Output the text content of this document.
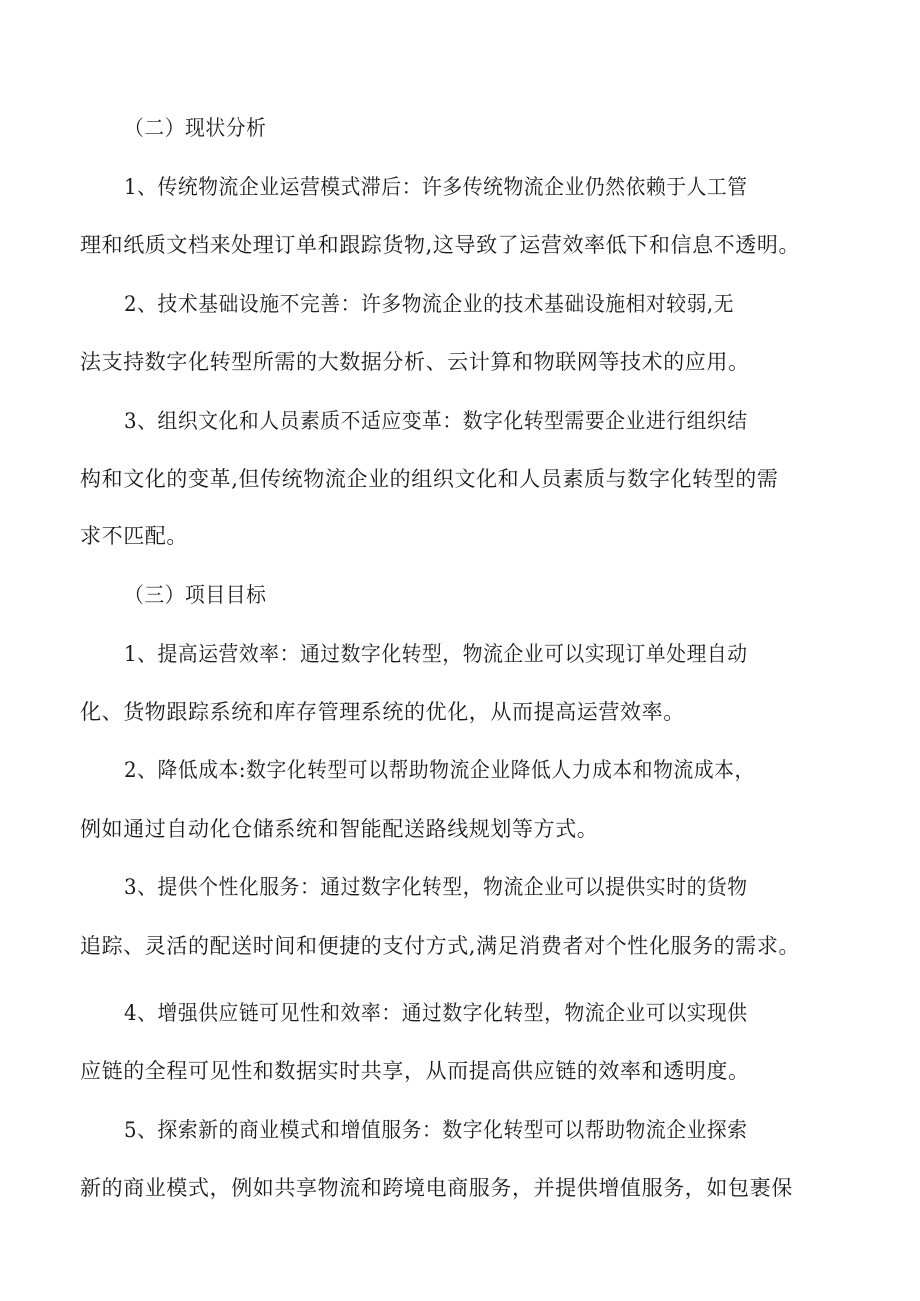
（二）现状分析
1、传统物流企业运营模式滞后：许多传统物流企业仍然依赖于人工管
理和纸质文档来处理订单和跟踪货物,这导致了运营效率低下和信息不透明。
2、技术基础设施不完善：许多物流企业的技术基础设施相对较弱,无
法支持数字化转型所需的大数据分析、云计算和物联网等技术的应用。
3、组织文化和人员素质不适应变革：数字化转型需要企业进行组织结
构和文化的变革,但传统物流企业的组织文化和人员素质与数字化转型的需
求不匹配。
（三）项目目标
1、提高运营效率：通过数字化转型，物流企业可以实现订单处理自动
化、货物跟踪系统和库存管理系统的优化，从而提高运营效率。
2、降低成本:数字化转型可以帮助物流企业降低人力成本和物流成本，
例如通过自动化仓储系统和智能配送路线规划等方式。
3、提供个性化服务：通过数字化转型，物流企业可以提供实时的货物
追踪、灵活的配送时间和便捷的支付方式,满足消费者对个性化服务的需求。
4、增强供应链可见性和效率：通过数字化转型，物流企业可以实现供
应链的全程可见性和数据实时共享，从而提高供应链的效率和透明度。
5、探索新的商业模式和增值服务：数字化转型可以帮助物流企业探索
新的商业模式，例如共享物流和跨境电商服务，并提供增值服务，如包裹保
